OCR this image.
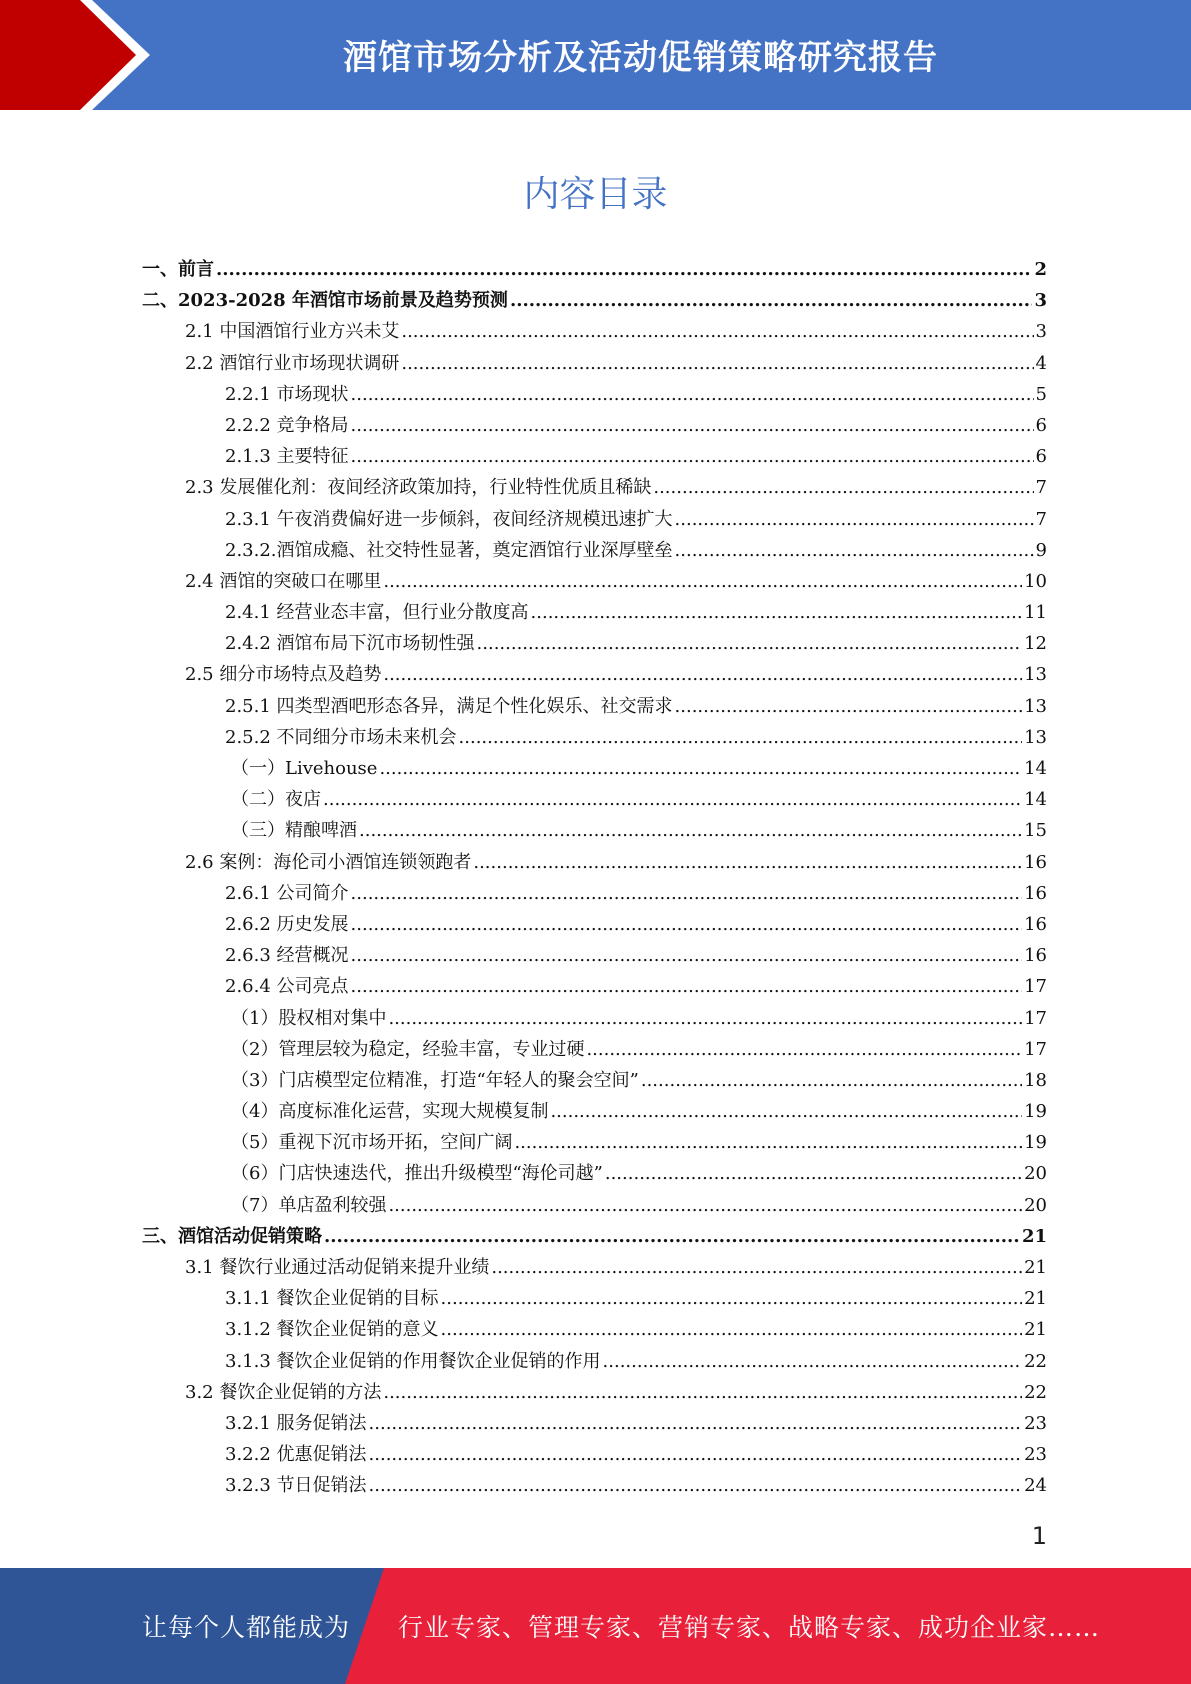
酒馆市场分析及活动促销策略研究报告
内容目录
一、前言 .....	2
二、2023-2028 年酒馆市场前景及趋势预测 .....	3
2.1 中国酒馆行业方兴未艾 .....	3
2.2 酒馆行业市场现状调研 .....	4
2.2.1 市场现状 .....	5
2.2.2 竞争格局 .....	6
2.1.3 主要特征 .....	6
2.3 发展催化剂：夜间经济政策加持，行业特性优质且稀缺 .....	7
2.3.1 午夜消费偏好进一步倾斜，夜间经济规模迅速扩大 .....	7
2.3.2.酒馆成瘾、社交特性显著，奠定酒馆行业深厚壁垒 .....	9
2.4 酒馆的突破口在哪里 .....	10
2.4.1 经营业态丰富，但行业分散度高 .....	11
2.4.2 酒馆布局下沉市场韧性强 .....	12
2.5 细分市场特点及趋势 .....	13
2.5.1 四类型酒吧形态各异，满足个性化娱乐、社交需求 .....	13
2.5.2 不同细分市场未来机会 .....	13
（一）Livehouse .....	14
（二）夜店 .....	14
（三）精酿啤酒 .....	15
2.6 案例：海伦司小酒馆连锁领跑者 .....	16
2.6.1 公司简介 .....	16
2.6.2 历史发展 .....	16
2.6.3 经营概况 .....	16
2.6.4 公司亮点 .....	17
（1）股权相对集中 .....	17
（2）管理层较为稳定，经验丰富，专业过硬 .....	17
（3）门店模型定位精准，打造“年轻人的聚会空间” .....	18
（4）高度标准化运营，实现大规模复制 .....	19
（5）重视下沉市场开拓，空间广阔 .....	19
（6）门店快速迭代，推出升级模型“海伦司越” .....	20
（7）单店盈利较强 .....	20
三、酒馆活动促销策略 .....	21
3.1 餐饮行业通过活动促销来提升业绩 .....	21
3.1.1 餐饮企业促销的目标 .....	21
3.1.2 餐饮企业促销的意义 .....	21
3.1.3 餐饮企业促销的作用餐饮企业促销的作用 .....	22
3.2 餐饮企业促销的方法 .....	22
3.2.1 服务促销法 .....	23
3.2.2 优惠促销法 .....	23
3.2.3 节日促销法 .....	24
1
让每个人都能成为 行业专家、管理专家、营销专家、战略专家、成功企业家……
